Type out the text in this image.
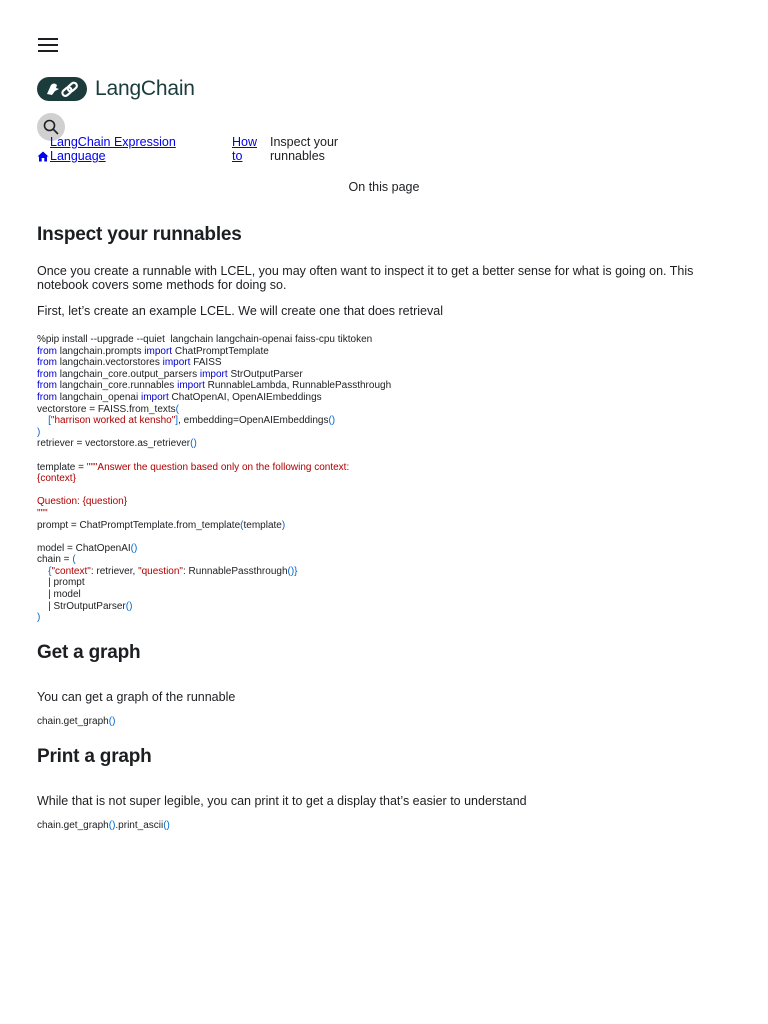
LangChain
LangChain Expression
Language
How
to
Inspect your
runnables
On this page
Inspect your runnables

Once you create a runnable with LCEL, you may often want to inspect it to get a better sense for what is going on. This notebook covers some methods for doing so.

First, let’s create an example LCEL. We will create one that does retrieval

%pip install --upgrade --quiet  langchain langchain-openai faiss-cpu tiktoken
from langchain.prompts import ChatPromptTemplate
from langchain.vectorstores import FAISS
from langchain_core.output_parsers import StrOutputParser
from langchain_core.runnables import RunnableLambda, RunnablePassthrough
from langchain_openai import ChatOpenAI, OpenAIEmbeddings
vectorstore = FAISS.from_texts(
["harrison worked at kensho"], embedding=OpenAIEmbeddings()
)
retriever = vectorstore.as_retriever()

template = """Answer the question based only on the following context:
{context}

Question: {question}
"""
prompt = ChatPromptTemplate.from_template(template)

model = ChatOpenAI()
chain = (
{"context": retriever, "question": RunnablePassthrough()}
| prompt
| model
| StrOutputParser()
)
Get a graph

You can get a graph of the runnable

chain.get_graph()
Print a graph

While that is not super legible, you can print it to get a display that’s easier to understand

chain.get_graph().print_ascii()
